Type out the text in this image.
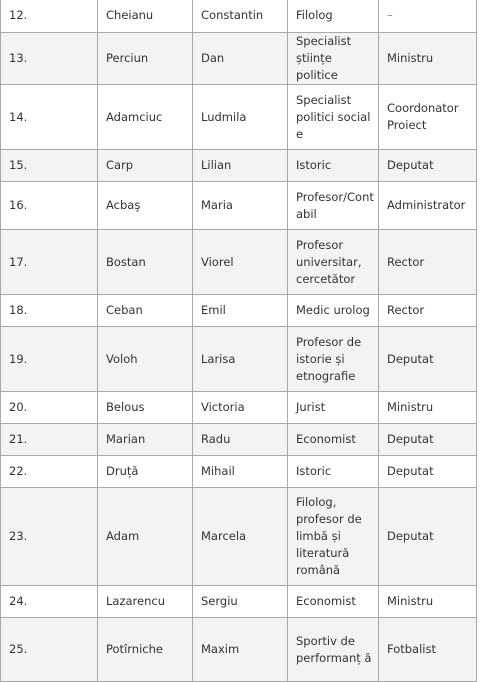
12.	Cheianu	Constantin	Filolog	–
13.	Perciun	Dan	Specialist științe politice	Ministru
14.	Adamciuc	Ludmila	Specialist politici social e	Coordonator Proiect
15.	Carp	Lilian	Istoric	Deputat
16.	Acbaş	Maria	Profesor/Cont abil	Administrator
17.	Bostan	Viorel	Profesor universitar, cercetător	Rector
18.	Ceban	Emil	Medic urolog	Rector
19.	Voloh	Larisa	Profesor de istorie și etnografie	Deputat
20.	Belous	Victoria	Jurist	Ministru
21.	Marian	Radu	Economist	Deputat
22.	Druță	Mihail	Istoric	Deputat
23.	Adam	Marcela	Filolog, profesor de limbă și literatură română	Deputat
24.	Lazarencu	Sergiu	Economist	Ministru
25.	Potîrniche	Maxim	Sportiv de performanț ă	Fotbalist
